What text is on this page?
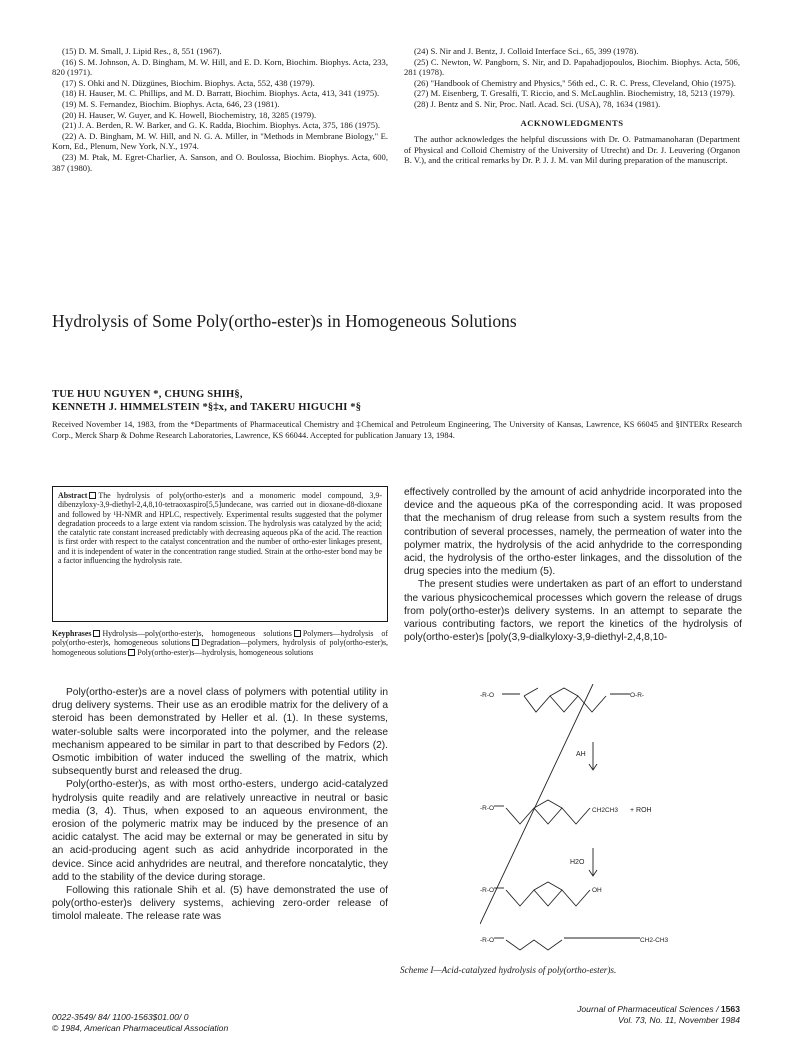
(15) D. M. Small, J. Lipid Res., 8, 551 (1967).

(16) S. M. Johnson, A. D. Bingham, M. W. Hill, and E. D. Korn, Biochim. Biophys. Acta, 233, 820 (1971).

(17) S. Ohki and N. Düzgünes, Biochim. Biophys. Acta, 552, 438 (1979).

(18) H. Hauser, M. C. Phillips, and M. D. Barratt, Biochim. Biophys. Acta, 413, 341 (1975).

(19) M. S. Fernandez, Biochim. Biophys. Acta, 646, 23 (1981).

(20) H. Hauser, W. Guyer, and K. Howell, Biochemistry, 18, 3285 (1979).

(21) J. A. Berden, R. W. Barker, and G. K. Radda, Biochim. Biophys. Acta, 375, 186 (1975).

(22) A. D. Bingham, M. W. Hill, and N. G. A. Miller, in "Methods in Membrane Biology," E. Korn, Ed., Plenum, New York, N.Y., 1974.

(23) M. Ptak, M. Egret-Charlier, A. Sanson, and O. Boulossa, Biochim. Biophys. Acta, 600, 387 (1980).

(24) S. Nir and J. Bentz, J. Colloid Interface Sci., 65, 399 (1978).

(25) C. Newton, W. Pangborn, S. Nir, and D. Papahadjopoulos, Biochim. Biophys. Acta, 506, 281 (1978).

(26) "Handbook of Chemistry and Physics," 56th ed., C. R. C. Press, Cleveland, Ohio (1975).

(27) M. Eisenberg, T. Gresalfi, T. Riccio, and S. McLaughlin. Biochemistry, 18, 5213 (1979).

(28) J. Bentz and S. Nir, Proc. Natl. Acad. Sci. (USA), 78, 1634 (1981).

ACKNOWLEDGMENTS

The author acknowledges the helpful discussions with Dr. O. Patmamanoharan (Department of Physical and Colloid Chemistry of the University of Utrecht) and Dr. J. Leuvering (Organon B. V.), and the critical remarks by Dr. P. J. J. M. van Mil during preparation of the manuscript.

Hydrolysis of Some Poly(ortho-ester)s in Homogeneous Solutions
TUE HUU NGUYEN *, CHUNG SHIH§,
KENNETH J. HIMMELSTEIN *§‡x, and TAKERU HIGUCHI *§

Received November 14, 1983, from the *Departments of Pharmaceutical Chemistry and ‡Chemical and Petroleum Engineering, The University of Kansas, Lawrence, KS 66045 and §INTERx Research Corp., Merck Sharp & Dohme Research Laboratories, Lawrence, KS 66044. Accepted for publication January 13, 1984.

Abstract The hydrolysis of poly(ortho-ester)s and a monomeric model compound, 3,9-dibenzyloxy-3,9-diethyl-2,4,8,10-tetraoxaspiro[5,5]undecane, was carried out in dioxane-d8-dioxane and followed by ¹H-NMR and HPLC, respectively. Experimental results suggested that the polymer degradation proceeds to a large extent via random scission. The hydrolysis was catalyzed by the acid; the catalytic rate constant increased predictably with decreasing aqueous pKa of the acid. The reaction is first order with respect to the catalyst concentration and the number of ortho-ester linkages present, and it is independent of water in the concentration range studied. Strain at the ortho-ester bond may be a factor influencing the hydrolysis rate.
Keyphrases Hydrolysis—poly(ortho-ester)s, homogeneous solutions Polymers—hydrolysis of poly(ortho-ester)s, homogeneous solutions Degradation—polymers, hydrolysis of poly(ortho-ester)s, homogeneous solutions Poly(ortho-ester)s—hydrolysis, homogeneous solutions

Poly(ortho-ester)s are a novel class of polymers with potential utility in drug delivery systems. Their use as an erodible matrix for the delivery of a steroid has been demonstrated by Heller et al. (1). In these systems, water-soluble salts were incorporated into the polymer, and the release mechanism appeared to be similar in part to that described by Fedors (2). Osmotic imbibition of water induced the swelling of the matrix, which subsequently burst and released the drug.

Poly(ortho-ester)s, as with most ortho-esters, undergo acid-catalyzed hydrolysis quite readily and are relatively unreactive in neutral or basic media (3, 4). Thus, when exposed to an aqueous environment, the erosion of the polymeric matrix may be induced by the presence of an acidic catalyst. The acid may be external or may be generated in situ by an acid-producing agent such as acid anhydride incorporated in the device. Since acid anhydrides are neutral, and therefore noncatalytic, they add to the stability of the device during storage.

Following this rationale Shih et al. (5) have demonstrated the use of poly(ortho-ester)s delivery systems, achieving zero-order release of timolol maleate. The release rate was

effectively controlled by the amount of acid anhydride incorporated into the device and the aqueous pKa of the corresponding acid. It was proposed that the mechanism of drug release from such a system results from the contribution of several processes, namely, the permeation of water into the polymer matrix, the hydrolysis of the acid anhydride to the corresponding acid, the hydrolysis of the ortho-ester linkages, and the dissolution of the drug species into the medium (5).

The present studies were undertaken as part of an effort to understand the various physicochemical processes which govern the release of drugs from poly(ortho-ester)s delivery systems. In an attempt to separate the various contributing factors, we report the kinetics of the hydrolysis of poly(ortho-ester)s [poly(3,9-dialkyloxy-3,9-diethyl-2,4,8,10-

-R-O	O-R-
AH
-R-O	CH2CH3 + ROH
H2O
-R-O	OH
-R-O	CH2-CH3

Scheme I—Acid-catalyzed hydrolysis of poly(ortho-ester)s.

0022-3549/ 84/ 1100-1563$01.00/ 0
© 1984, American Pharmaceutical Association
Journal of Pharmaceutical Sciences / 1563
Vol. 73, No. 11, November 1984
